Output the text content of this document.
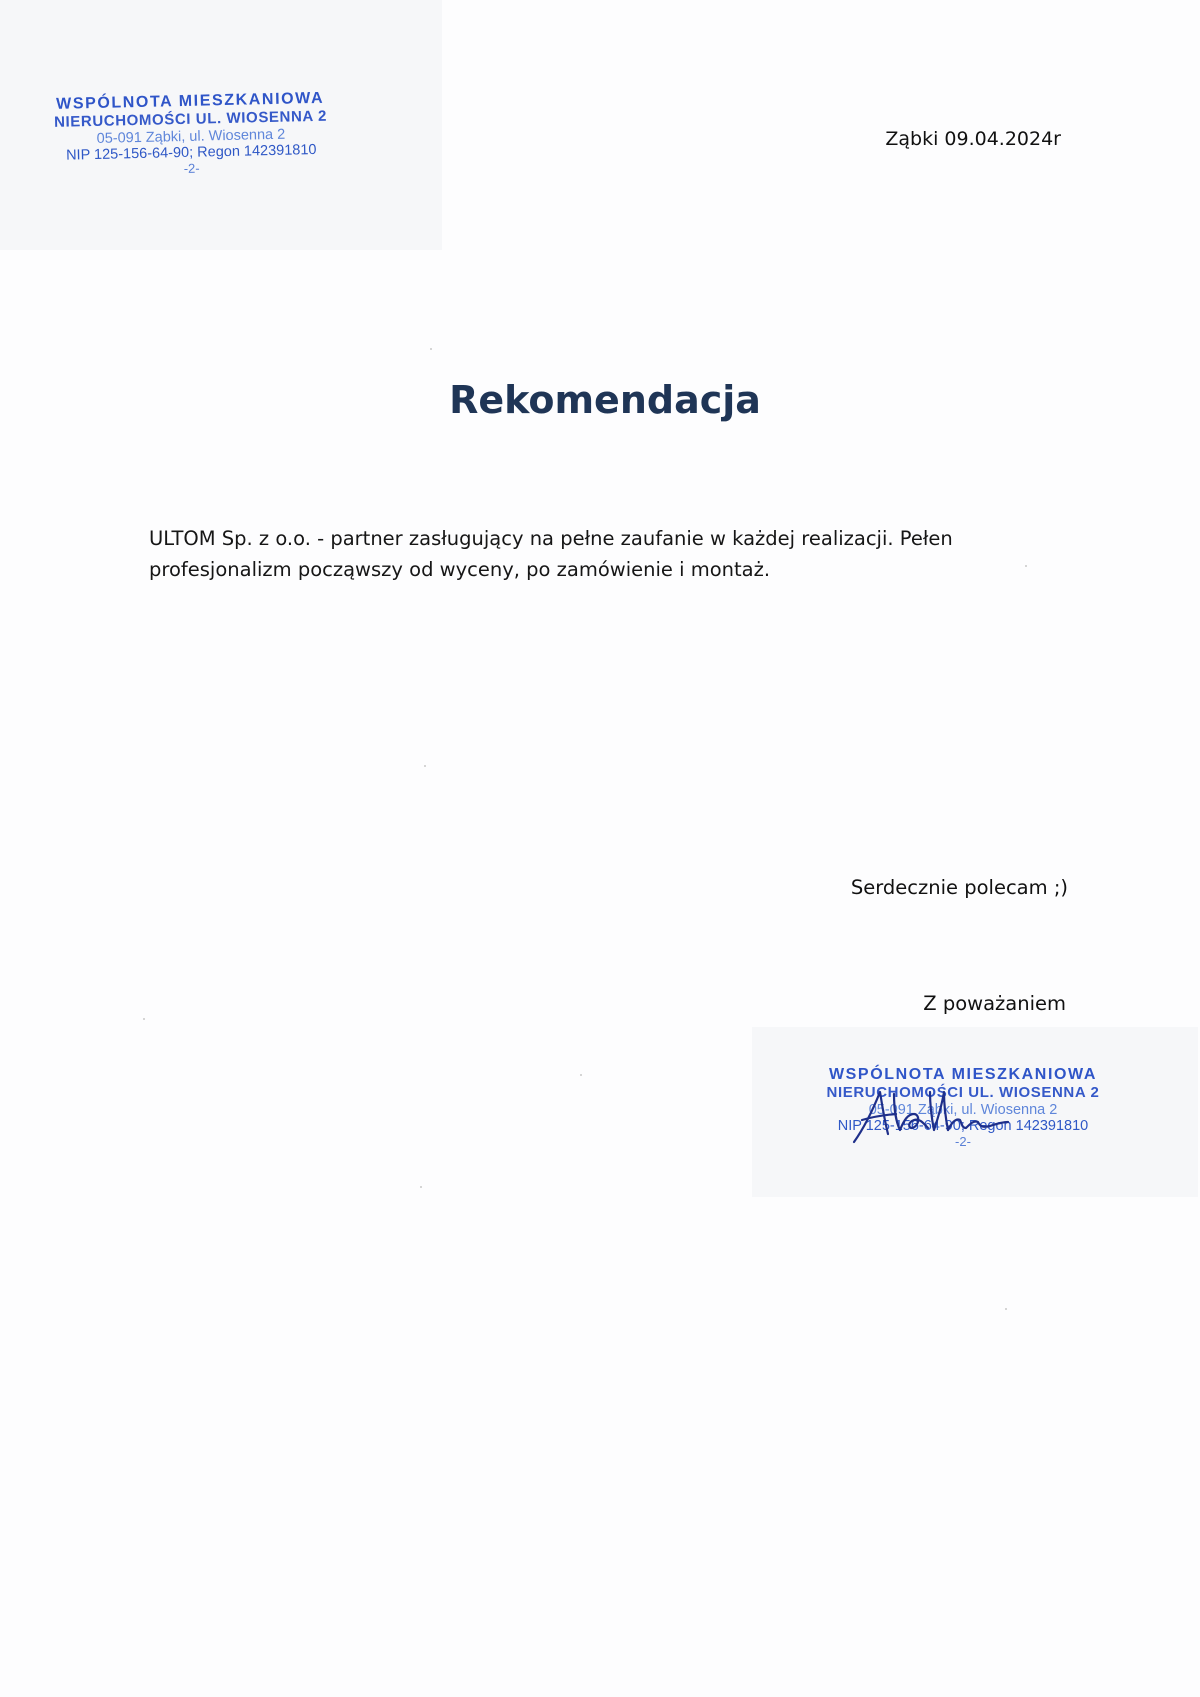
WSPÓLNOTA MIESZKANIOWA
NIERUCHOMOŚCI UL. WIOSENNA 2
05-091 Ząbki, ul. Wiosenna 2
NIP 125-156-64-90; Regon 142391810
-2-
Ząbki 09.04.2024r
Rekomendacja
ULTOM Sp. z o.o. - partner zasługujący na pełne zaufanie w każdej realizacji. Pełen profesjonalizm począwszy od wyceny, po zamówienie i montaż.
Serdecznie polecam ;)
Z poważaniem
WSPÓLNOTA MIESZKANIOWA
NIERUCHOMOŚCI UL. WIOSENNA 2
05-091 Ząbki, ul. Wiosenna 2
NIP 125-156-64-90; Regon 142391810
-2-
